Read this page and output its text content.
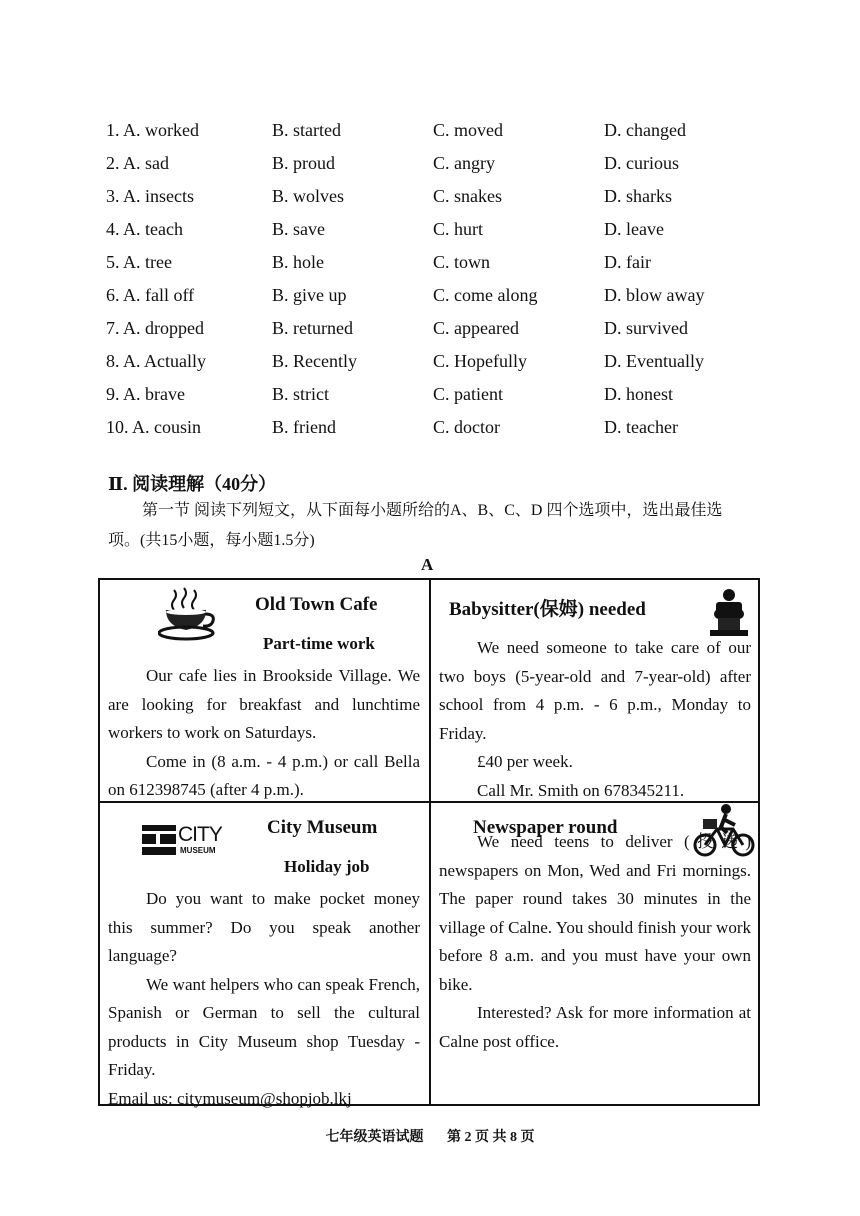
1. A. worked	B. started	C. moved	D. changed
2. A. sad	B. proud	C. angry	D. curious
3. A. insects	B. wolves	C. snakes	D. sharks
4. A. teach	B. save	C. hurt	D. leave
5. A. tree	B. hole	C. town	D. fair
6. A. fall off	B. give up	C. come along	D. blow away
7. A. dropped	B. returned	C. appeared	D. survived
8. A. Actually	B. Recently	C. Hopefully	D. Eventually
9. A. brave	B. strict	C. patient	D. honest
10. A. cousin	B. friend	C. doctor	D. teacher
Ⅱ. 阅读理解（40分）
第一节 阅读下列短文，从下面每小题所给的A、B、C、D 四个选项中，选出最佳选
项。(共15小题，每小题1.5分)
A
Old Town Cafe
Part-time work

Our cafe lies in Brookside Village. We are looking for breakfast and lunchtime workers to work on Saturdays.

Come in (8 a.m. - 4 p.m.) or call Bella on 612398745 (after 4 p.m.).

Babysitter(保姆) needed

We need someone to take care of our two boys (5-year-old and 7-year-old) after school from 4 p.m. - 6 p.m., Monday to Friday.

£40 per week.

Call Mr. Smith on 678345211.

CITY
MUSEUM
City Museum
Holiday job

Do you want to make pocket money this summer? Do you speak another language?

We want helpers who can speak French, Spanish or German to sell the cultural products in City Museum shop Tuesday - Friday.

Email us: citymuseum@shopjob.lkj

Newspaper round

We need teens to deliver (投递) newspapers on Mon, Wed and Fri mornings. The paper round takes 30 minutes in the village of Calne. You should finish your work before 8 a.m. and you must have your own bike.

Interested? Ask for more information at Calne post office.

七年级英语试题 第 2 页 共 8 页
